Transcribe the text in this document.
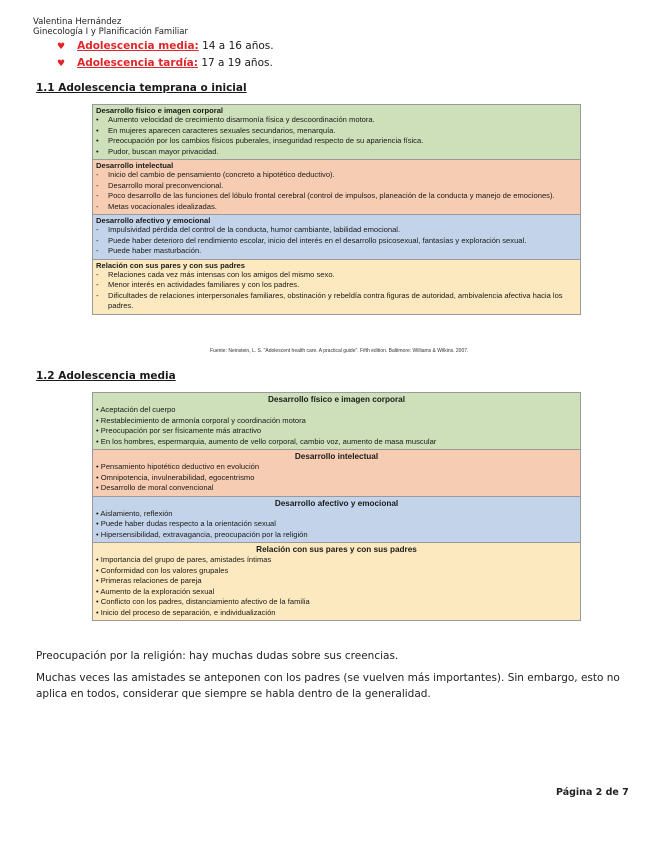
Valentina Hernández
Ginecología I y Planificación Familiar
♥ Adolescencia media: 14 a 16 años.
♥ Adolescencia tardía: 17 a 19 años.
1.1 Adolescencia temprana o inicial
Desarrollo físico e imagen corporal
•	Aumento velocidad de crecimiento disarmonía física y descoordinación motora.
•	En mujeres aparecen caracteres sexuales secundarios, menarquía.
•	Preocupación por los cambios físicos puberales, inseguridad respecto de su apariencia física.
•	Pudor, buscan mayor privacidad.
Desarrollo intelectual
-	Inicio del cambio de pensamiento (concreto a hipotético deductivo).
-	Desarrollo moral preconvencional.
-	Poco desarrollo de las funciones del lóbulo frontal cerebral (control de impulsos, planeación de la conducta y manejo de emociones).
-	Metas vocacionales idealizadas.
Desarrollo afectivo y emocional
-	Impulsividad pérdida del control de la conducta, humor cambiante, labilidad emocional.
-	Puede haber deterioro del rendimiento escolar, inicio del interés en el desarrollo psicosexual, fantasías y exploración sexual.
-	Puede haber masturbación.
Relación con sus pares y con sus padres
-	Relaciones cada vez más intensas con los amigos del mismo sexo.
-	Menor interés en actividades familiares y con los padres.
-	Dificultades de relaciones interpersonales familiares, obstinación y rebeldía contra figuras de autoridad, ambivalencia afectiva hacia los padres.
Fuente: Neinstein, L. S. "Adolescent health care. A practical guide". Fifth edition. Baltimore: Williams & Wilkins. 2007.
1.2 Adolescencia media
Desarrollo físico e imagen corporal
• Aceptación del cuerpo
• Restablecimiento de armonía corporal y coordinación motora
• Preocupación por ser físicamente más atractivo
• En los hombres, espermarquia, aumento de vello corporal, cambio voz, aumento de masa muscular
Desarrollo intelectual
• Pensamiento hipotético deductivo en evolución
• Omnipotencia, invulnerabilidad, egocentrismo
• Desarrollo de moral convencional
Desarrollo afectivo y emocional
• Aislamiento, reflexión
• Puede haber dudas respecto a la orientación sexual
• Hipersensibilidad, extravagancia, preocupación por la religión
Relación con sus pares y con sus padres
• Importancia del grupo de pares, amistades íntimas
• Conformidad con los valores grupales
• Primeras relaciones de pareja
• Aumento de la exploración sexual
• Conflicto con los padres, distanciamiento afectivo de la familia
• Inicio del proceso de separación, e individualización
Preocupación por la religión: hay muchas dudas sobre sus creencias.
Muchas veces las amistades se anteponen con los padres (se vuelven más importantes). Sin embargo, esto no aplica en todos, considerar que siempre se habla dentro de la generalidad.
Página 2 de 7
